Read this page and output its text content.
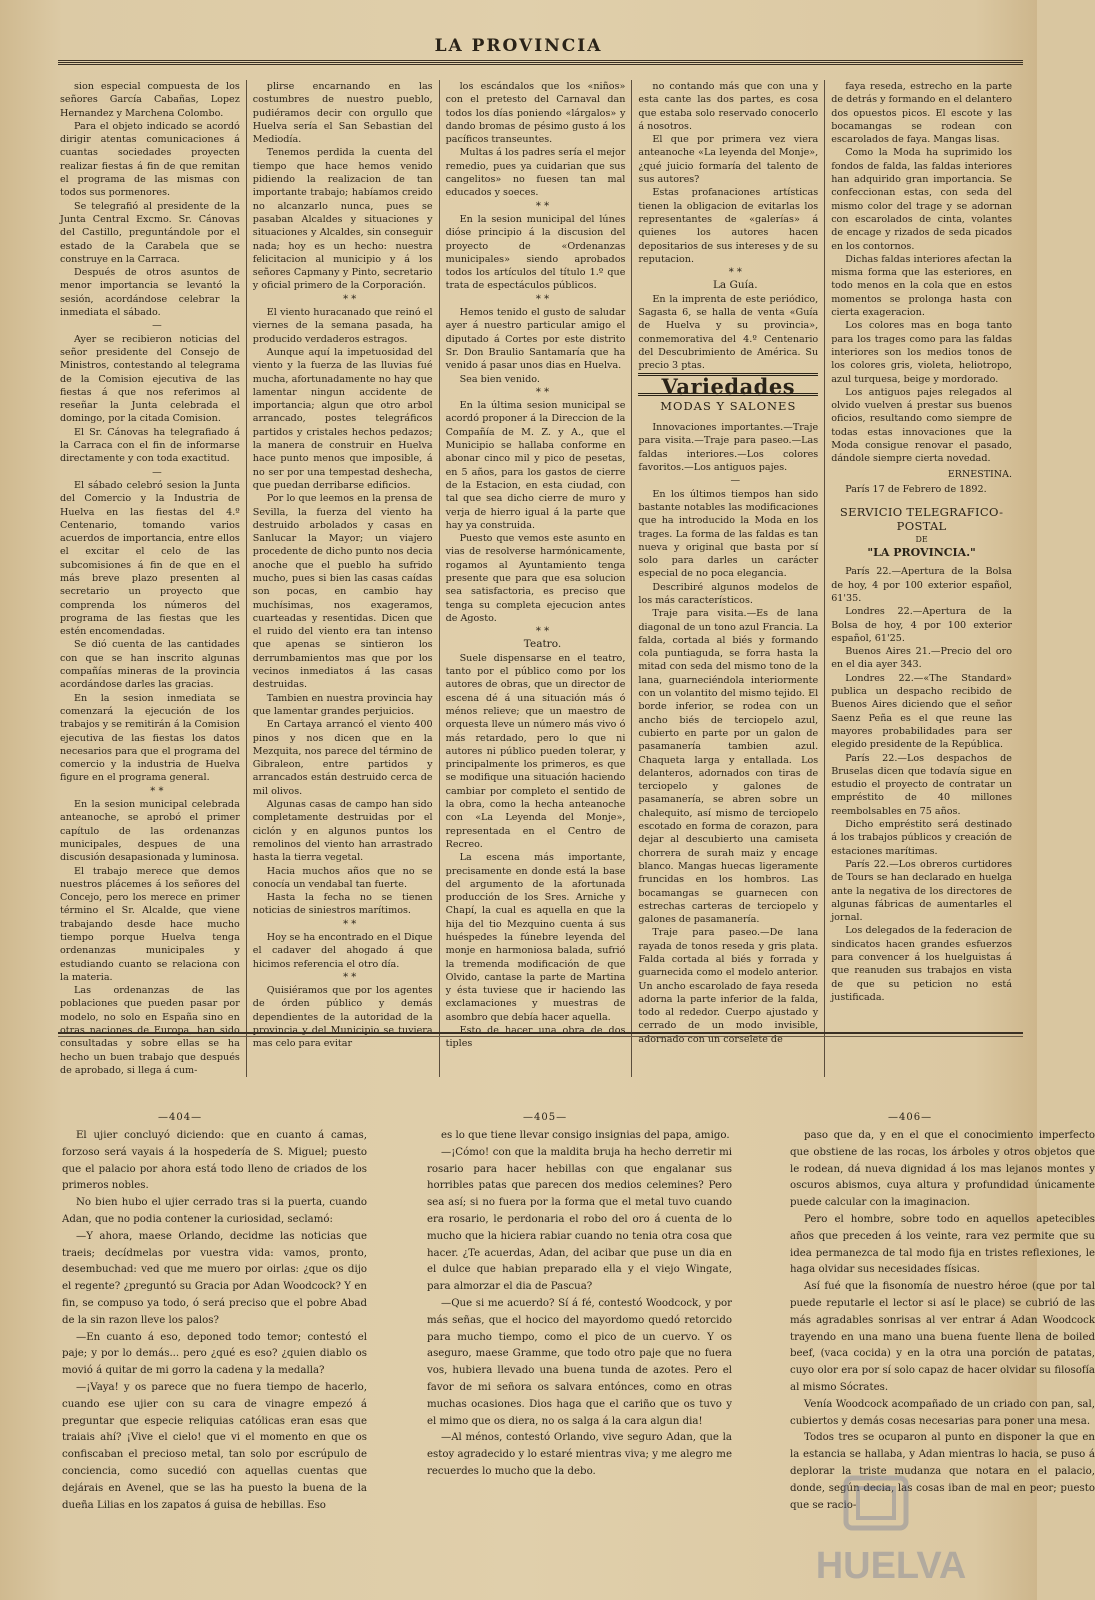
LA PROVINCIA

sion especial compuesta de los señores García Cabañas, Lopez Hernandez y Marchena Colombo.

Para el objeto indicado se acordó dirigir atentas comunicaciones á cuantas sociedades proyecten realizar fiestas á fin de que remitan el programa de las mismas con todos sus pormenores.

Se telegrafió al presidente de la Junta Central Excmo. Sr. Cánovas del Castillo, preguntándole por el estado de la Carabela que se construye en la Carraca.

Después de otros asuntos de menor importancia se levantó la sesión, acordándose celebrar la inmediata el sábado.

—

Ayer se recibieron noticias del señor presidente del Consejo de Ministros, contestando al telegrama de la Comision ejecutiva de las fiestas á que nos referimos al reseñar la Junta celebrada el domingo, por la citada Comision.

El Sr. Cánovas ha telegrafiado á la Carraca con el fin de informarse directamente y con toda exactitud.

—

El sábado celebró sesion la Junta del Comercio y la Industria de Huelva en las fiestas del 4.º Centenario, tomando varios acuerdos de importancia, entre ellos el excitar el celo de las subcomisiones á fin de que en el más breve plazo presenten al secretario un proyecto que comprenda los números del programa de las fiestas que les estén encomendadas.

Se dió cuenta de las cantidades con que se han inscrito algunas compañías mineras de la provincia acordándose darles las gracias.

En la sesion inmediata se comenzará la ejecución de los trabajos y se remitirán á la Comision ejecutiva de las fiestas los datos necesarios para que el programa del comercio y la industria de Huelva figure en el programa general.

* *

En la sesion municipal celebrada anteanoche, se aprobó el primer capítulo de las ordenanzas municipales, despues de una discusión desapasionada y luminosa.

El trabajo merece que demos nuestros plácemes á los señores del Concejo, pero los merece en primer término el Sr. Alcalde, que viene trabajando desde hace mucho tiempo porque Huelva tenga ordenanzas municipales y estudiando cuanto se relaciona con la materia.

Las ordenanzas de las poblaciones que pueden pasar por modelo, no solo en España sino en otras naciones de Europa, han sido consultadas y sobre ellas se ha hecho un buen trabajo que después de aprobado, si llega á cum-

plirse encarnando en las costumbres de nuestro pueblo, pudiéramos decir con orgullo que Huelva sería el San Sebastian del Mediodía.

Tenemos perdida la cuenta del tiempo que hace hemos venido pidiendo la realizacion de tan importante trabajo; habíamos creido no alcanzarlo nunca, pues se pasaban Alcaldes y situaciones y situaciones y Alcaldes, sin conseguir nada; hoy es un hecho: nuestra felicitacion al municipio y á los señores Capmany y Pinto, secretario y oficial primero de la Corporación.

* *

El viento huracanado que reinó el viernes de la semana pasada, ha producido verdaderos estragos.

Aunque aquí la impetuosidad del viento y la fuerza de las lluvias fué mucha, afortunadamente no hay que lamentar ningun accidente de importancia; algun que otro arbol arrancado, postes telegráficos partidos y cristales hechos pedazos; la manera de construir en Huelva hace punto menos que imposible, á no ser por una tempestad deshecha, que puedan derribarse edificios.

Por lo que leemos en la prensa de Sevilla, la fuerza del viento ha destruido arbolados y casas en Sanlucar la Mayor; un viajero procedente de dicho punto nos decia anoche que el pueblo ha sufrido mucho, pues si bien las casas caídas son pocas, en cambio hay muchísimas, nos exageramos, cuarteadas y resentidas. Dicen que el ruido del viento era tan intenso que apenas se sintieron los derrumbamientos mas que por los vecinos inmediatos á las casas destruidas.

Tambien en nuestra provincia hay que lamentar grandes perjuicios.

En Cartaya arrancó el viento 400 pinos y nos dicen que en la Mezquita, nos parece del término de Gibraleon, entre partidos y arrancados están destruido cerca de mil olivos.

Algunas casas de campo han sido completamente destruidas por el ciclón y en algunos puntos los remolinos del viento han arrastrado hasta la tierra vegetal.

Hacia muchos años que no se conocía un vendabal tan fuerte.

Hasta la fecha no se tienen noticias de siniestros marítimos.

* *

Hoy se ha encontrado en el Dique el cadaver del ahogado á que hicimos referencia el otro día.

* *

Quisiéramos que por los agentes de órden público y demás dependientes de la autoridad de la provincia y del Municipio se tuviera mas celo para evitar

los escándalos que los «niños» con el pretesto del Carnaval dan todos los días poniendo «lárgalos» y dando bromas de pésimo gusto á los pacíficos transeuntes.

Multas á los padres sería el mejor remedio, pues ya cuidarian que sus cangelitos» no fuesen tan mal educados y soeces.

* *

En la sesion municipal del lúnes dióse principio á la discusion del proyecto de «Ordenanzas municipales» siendo aprobados todos los artículos del título 1.º que trata de espectáculos públicos.

* *

Hemos tenido el gusto de saludar ayer á nuestro particular amigo el diputado á Cortes por este distrito Sr. Don Braulio Santamaría que ha venido á pasar unos dias en Huelva.

Sea bien venido.

* *

En la última sesion municipal se acordó proponer á la Direccion de la Compañía de M. Z. y A., que el Municipio se hallaba conforme en abonar cinco mil y pico de pesetas, en 5 años, para los gastos de cierre de la Estacion, en esta ciudad, con tal que sea dicho cierre de muro y verja de hierro igual á la parte que hay ya construida.

Puesto que vemos este asunto en vias de resolverse harmónicamente, rogamos al Ayuntamiento tenga presente que para que esa solucion sea satisfactoria, es preciso que tenga su completa ejecucion antes de Agosto.

* *

Teatro.

Suele dispensarse en el teatro, tanto por el público como por los autores de obras, que un director de escena dé á una situación más ó ménos relieve; que un maestro de orquesta lleve un número más vivo ó más retardado, pero lo que ni autores ni público pueden tolerar, y principalmente los primeros, es que se modifique una situación haciendo cambiar por completo el sentido de la obra, como la hecha anteanoche con «La Leyenda del Monje», representada en el Centro de Recreo.

La escena más importante, precisamente en donde está la base del argumento de la afortunada producción de los Sres. Arniche y Chapí, la cual es aquella en que la hija del tio Mezquino cuenta á sus huéspedes la fúnebre leyenda del monje en harmoniosa balada, sufrió la tremenda modificación de que Olvido, cantase la parte de Martina y ésta tuviese que ir haciendo las exclamaciones y muestras de asombro que debía hacer aquella.

Esto de hacer una obra de dos tiples

no contando más que con una y esta cante las dos partes, es cosa que estaba solo reservado conocerlo á nosotros.

El que por primera vez viera anteanoche «La leyenda del Monje», ¿qué juicio formaría del talento de sus autores?

Estas profanaciones artísticas tienen la obligacion de evitarlas los representantes de «galerías» á quienes los autores hacen depositarios de sus intereses y de su reputacion.

* *

La Guía.

En la imprenta de este periódico, Sagasta 6, se halla de venta «Guía de Huelva y su provincia», conmemorativa del 4.º Centenario del Descubrimiento de América. Su precio 3 ptas.

Variedades
MODAS Y SALONES

Innovaciones importantes.—Traje para visita.—Traje para paseo.—Las faldas interiores.—Los colores favoritos.—Los antiguos pajes.

—

En los últimos tiempos han sido bastante notables las modificaciones que ha introducido la Moda en los trages. La forma de las faldas es tan nueva y original que basta por sí solo para darles un carácter especial de no poca elegancia.

Describiré algunos modelos de los más característicos.

Traje para visita.—Es de lana diagonal de un tono azul Francia. La falda, cortada al biés y formando cola puntiaguda, se forra hasta la mitad con seda del mismo tono de la lana, guarneciéndola interiormente con un volantito del mismo tejido. El borde inferior, se rodea con un ancho biés de terciopelo azul, cubierto en parte por un galon de pasamanería tambien azul. Chaqueta larga y entallada. Los delanteros, adornados con tiras de terciopelo y galones de pasamanería, se abren sobre un chalequito, así mismo de terciopelo escotado en forma de corazon, para dejar al descubierto una camiseta chorrera de surah maiz y encage blanco. Mangas huecas ligeramente fruncidas en los hombros. Las bocamangas se guarnecen con estrechas carteras de terciopelo y galones de pasamanería.

Traje para paseo.—De lana rayada de tonos reseda y gris plata. Falda cortada al biés y forrada y guarnecida como el modelo anterior. Un ancho escarolado de faya reseda adorna la parte inferior de la falda, todo al rededor. Cuerpo ajustado y cerrado de un modo invisible, adornado con un corselete de

faya reseda, estrecho en la parte de detrás y formando en el delantero dos opuestos picos. El escote y las bocamangas se rodean con escarolados de faya. Mangas lisas.

Como la Moda ha suprimido los fondos de falda, las faldas interiores han adquirido gran importancia. Se confeccionan estas, con seda del mismo color del trage y se adornan con escarolados de cinta, volantes de encage y rizados de seda picados en los contornos.

Dichas faldas interiores afectan la misma forma que las esteriores, en todo menos en la cola que en estos momentos se prolonga hasta con cierta exageracion.

Los colores mas en boga tanto para los trages como para las faldas interiores son los medios tonos de los colores gris, violeta, heliotropo, azul turquesa, beige y mordorado.

Los antiguos pajes relegados al olvido vuelven á prestar sus buenos oficios, resultando como siempre de todas estas innovaciones que la Moda consigue renovar el pasado, dándole siempre cierta novedad.

ERNESTINA.

París 17 de Febrero de 1892.

SERVICIO TELEGRAFICO-POSTAL
DE
"LA PROVINCIA."

París 22.—Apertura de la Bolsa de hoy, 4 por 100 exterior español, 61'35.

Londres 22.—Apertura de la Bolsa de hoy, 4 por 100 exterior español, 61'25.

Buenos Aires 21.—Precio del oro en el dia ayer 343.

Londres 22.—«The Standard» publica un despacho recibido de Buenos Aires diciendo que el señor Saenz Peña es el que reune las mayores probabilidades para ser elegido presidente de la República.

París 22.—Los despachos de Bruselas dicen que todavía sigue en estudio el proyecto de contratar un empréstito de 40 millones reembolsables en 75 años.

Dicho empréstito será destinado á los trabajos públicos y creación de estaciones marítimas.

París 22.—Los obreros curtidores de Tours se han declarado en huelga ante la negativa de los directores de algunas fábricas de aumentarles el jornal.

Los delegados de la federacion de sindicatos hacen grandes esfuerzos para convencer á los huelguistas á que reanuden sus trabajos en vista de que su peticion no está justificada.

—404—	—405—	—406—

El ujier concluyó diciendo: que en cuanto á camas, forzoso será vayais á la hospedería de S. Miguel; puesto que el palacio por ahora está todo lleno de criados de los primeros nobles.

No bien hubo el ujier cerrado tras si la puerta, cuando Adan, que no podia contener la curiosidad, seclamó:

—Y ahora, maese Orlando, decidme las noticias que traeis; decídmelas por vuestra vida: vamos, pronto, desembuchad: ved que me muero por oirlas: ¿que os dijo el regente? ¿preguntó su Gracia por Adan Woodcock? Y en fin, se compuso ya todo, ó será preciso que el pobre Abad de la sin razon lleve los palos?

—En cuanto á eso, deponed todo temor; contestó el paje; y por lo demás... pero ¿qué es eso? ¿quien diablo os movió á quitar de mi gorro la cadena y la medalla?

—¡Vaya! y os parece que no fuera tiempo de hacerlo, cuando ese ujier con su cara de vinagre empezó á preguntar que especie reliquias católicas eran esas que traiais ahí? ¡Vive el cielo! que vi el momento en que os confiscaban el precioso metal, tan solo por escrúpulo de conciencia, como sucedió con aquellas cuentas que dejárais en Avenel, que se las ha puesto la buena de la dueña Lilias en los zapatos á guisa de hebillas. Eso

es lo que tiene llevar consigo insignias del papa, amigo.

—¡Cómo! con que la maldita bruja ha hecho derretir mi rosario para hacer hebillas con que engalanar sus horribles patas que parecen dos medios celemines? Pero sea así; si no fuera por la forma que el metal tuvo cuando era rosario, le perdonaria el robo del oro á cuenta de lo mucho que la hiciera rabiar cuando no tenia otra cosa que hacer. ¿Te acuerdas, Adan, del acibar que puse un dia en el dulce que habian preparado ella y el viejo Wingate, para almorzar el dia de Pascua?

—Que si me acuerdo? Sí á fé, contestó Woodcock, y por más señas, que el hocico del mayordomo quedó retorcido para mucho tiempo, como el pico de un cuervo. Y os aseguro, maese Gramme, que todo otro paje que no fuera vos, hubiera llevado una buena tunda de azotes. Pero el favor de mi señora os salvara entónces, como en otras muchas ocasiones. Dios haga que el cariño que os tuvo y el mimo que os diera, no os salga á la cara algun dia!

—Al ménos, contestó Orlando, vive seguro Adan, que la estoy agradecido y lo estaré mientras viva; y me alegro me recuerdes lo mucho que la debo.

paso que da, y en el que el conocimiento imperfecto que obstiene de las rocas, los árboles y otros objetos que le rodean, dá nueva dignidad á los mas lejanos montes y oscuros abismos, cuya altura y profundidad únicamente puede calcular con la imaginacion.

Pero el hombre, sobre todo en aquellos apetecibles años que preceden á los veinte, rara vez permite que su idea permanezca de tal modo fija en tristes reflexiones, le haga olvidar sus necesidades físicas.

Así fué que la fisonomía de nuestro héroe (que por tal puede reputarle el lector si así le place) se cubrió de las más agradables sonrisas al ver entrar á Adan Woodcock trayendo en una mano una buena fuente llena de boiled beef, (vaca cocida) y en la otra una porción de patatas, cuyo olor era por sí solo capaz de hacer olvidar su filosofía al mismo Sócrates.

Venía Woodcock acompañado de un criado con pan, sal, cubiertos y demás cosas necesarias para poner una mesa.

Todos tres se ocuparon al punto en disponer la que en la estancia se hallaba, y Adan mientras lo hacia, se puso á deplorar la triste mudanza que notara en el palacio, donde, según decia, las cosas iban de mal en peor; puesto que se racio-

HUELVA
